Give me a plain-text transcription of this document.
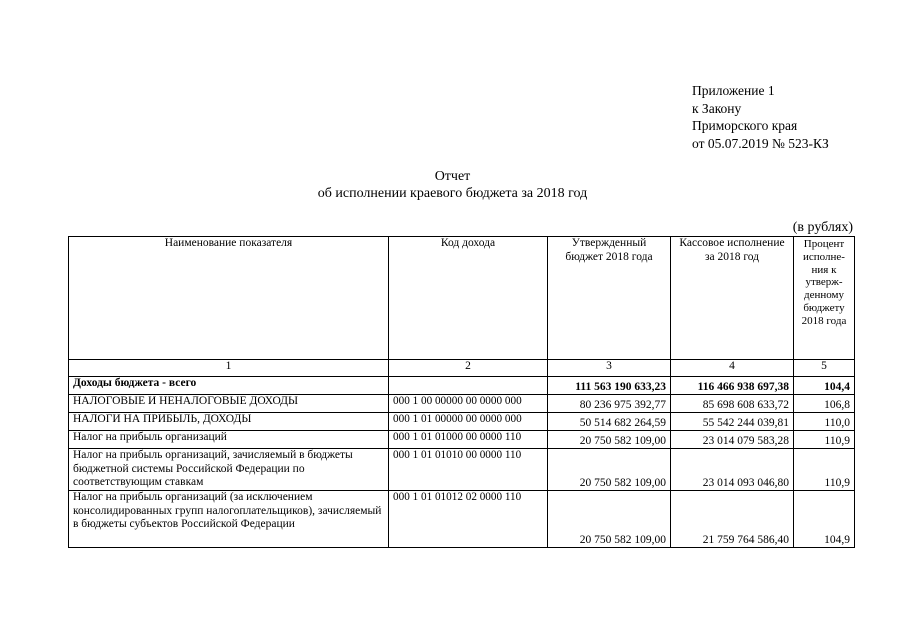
Приложение 1
к Закону
Приморского края
от 05.07.2019 № 523-КЗ
Отчет
об исполнении краевого бюджета за 2018 год
(в рублях)
Наименование показателя	Код дохода	Утвержденный бюджет 2018 года	Кассовое исполнение за 2018 год	Процент исполне-ния к утверж-денному бюджету 2018 года
1	2	3	4	5
Доходы бюджета - всего		111 563 190 633,23	116 466 938 697,38	104,4
НАЛОГОВЫЕ И НЕНАЛОГОВЫЕ ДОХОДЫ	000 1 00 00000 00 0000 000	80 236 975 392,77	85 698 608 633,72	106,8
НАЛОГИ НА ПРИБЫЛЬ, ДОХОДЫ	000 1 01 00000 00 0000 000	50 514 682 264,59	55 542 244 039,81	110,0
Налог на прибыль организаций	000 1 01 01000 00 0000 110	20 750 582 109,00	23 014 079 583,28	110,9
Налог на прибыль организаций, зачисляемый в бюджеты бюджетной системы Российской Федерации по соответствующим ставкам	000 1 01 01010 00 0000 110	20 750 582 109,00	23 014 093 046,80	110,9
Налог на прибыль организаций (за исключением консолидированных групп налогоплательщиков), зачисляемый в бюджеты субъектов Российской Федерации	000 1 01 01012 02 0000 110	20 750 582 109,00	21 759 764 586,40	104,9
